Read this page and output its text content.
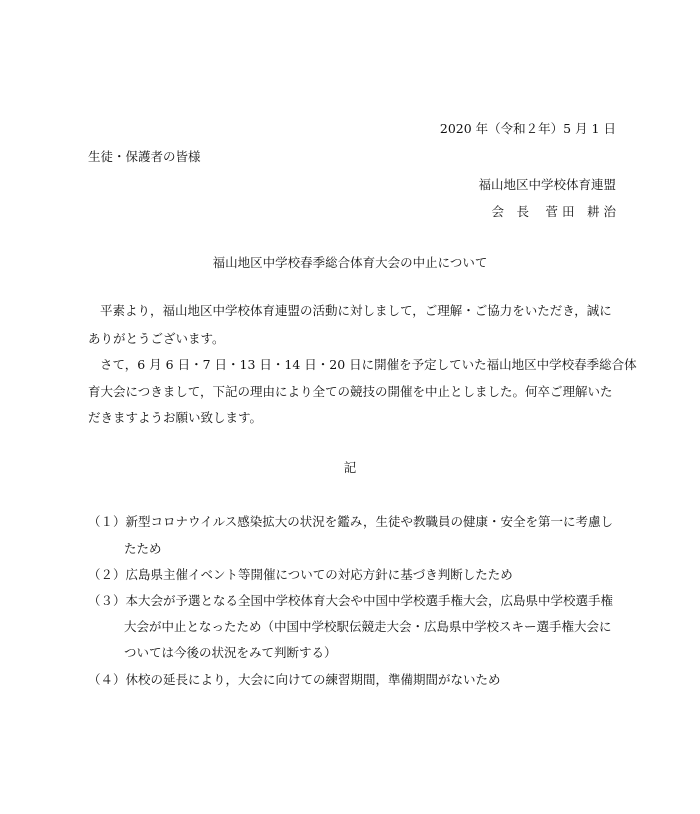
2020 年（令和２年）5 月 1 日
生徒・保護者の皆様
福山地区中学校体育連盟
会　長　 菅 田　耕 治
福山地区中学校春季総合体育大会の中止について
平素より，福山地区中学校体育連盟の活動に対しまして，ご理解・ご協力をいただき，誠に
ありがとうございます。
さて，6 月 6 日・7 日・13 日・14 日・20 日に開催を予定していた福山地区中学校春季総合体
育大会につきまして，下記の理由により全ての競技の開催を中止としました。何卒ご理解いた
だきますようお願い致します。
記
（１）新型コロナウイルス感染拡大の状況を鑑み，生徒や教職員の健康・安全を第一に考慮し
たため
（２）広島県主催イベント等開催についての対応方針に基づき判断したため
（３）本大会が予選となる全国中学校体育大会や中国中学校選手権大会，広島県中学校選手権
大会が中止となったため（中国中学校駅伝競走大会・広島県中学校スキー選手権大会に
ついては今後の状況をみて判断する）
（４）休校の延長により，大会に向けての練習期間，準備期間がないため
